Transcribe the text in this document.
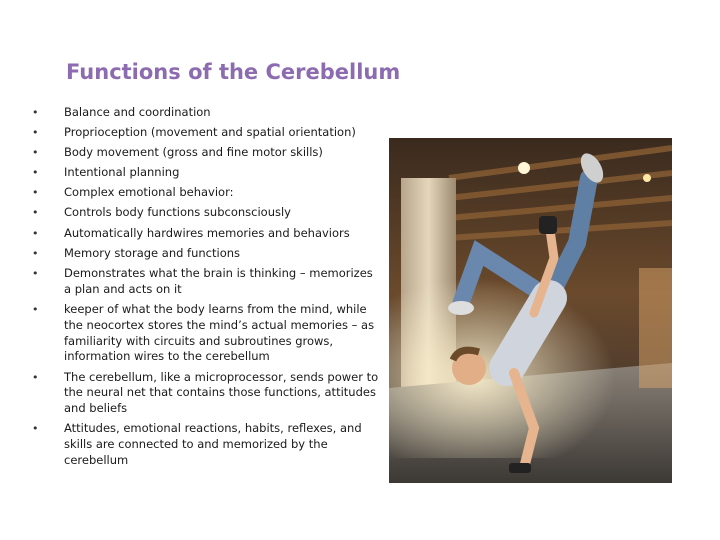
Functions of the Cerebellum
• Balance and coordination
• Proprioception (movement and spatial orientation)
• Body movement (gross and fine motor skills)
• Intentional planning
• Complex emotional behavior:
• Controls body functions subconsciously
• Automatically hardwires memories and behaviors
• Memory storage and functions
• Demonstrates what the brain is thinking – memorizes a plan and acts on it
• keeper of what the body learns from the mind, while the neocortex stores the mind’s actual memories – as familiarity with circuits and subroutines grows, information wires to the cerebellum
• The cerebellum, like a microprocessor, sends power to the neural net that contains those functions, attitudes and beliefs
• Attitudes, emotional reactions, habits, reflexes, and skills are connected to and memorized by the cerebellum
